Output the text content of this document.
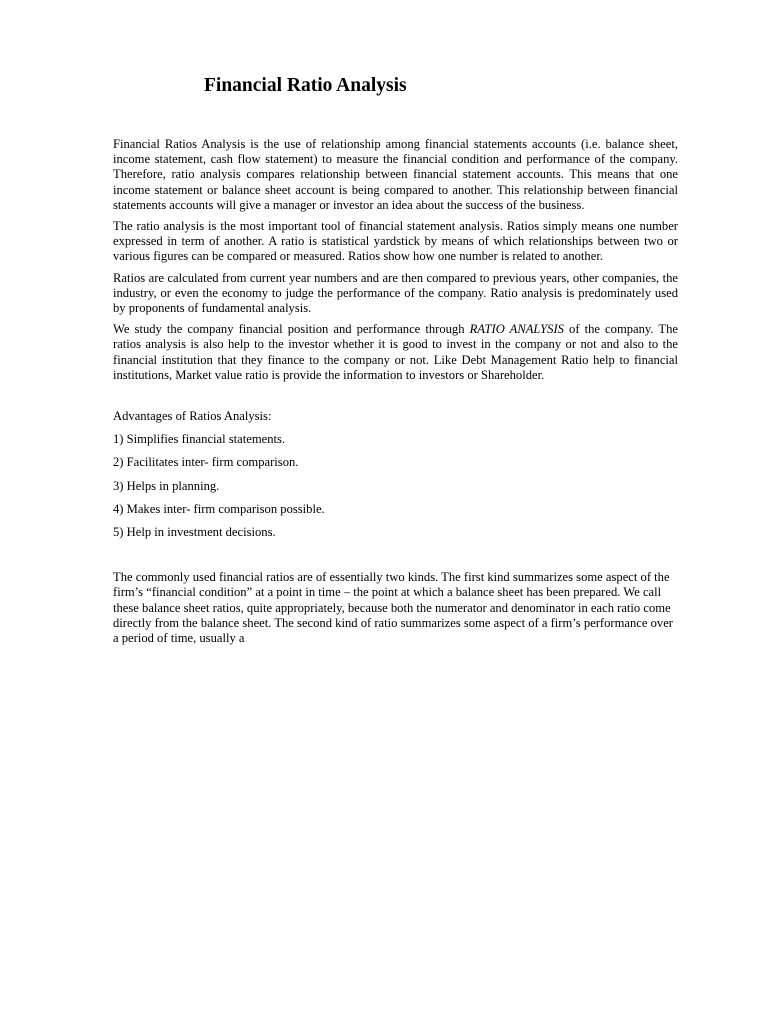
Financial Ratio Analysis

Financial Ratios Analysis is the use of relationship among financial statements accounts (i.e. balance sheet, income statement, cash flow statement) to measure the financial condition and performance of the company. Therefore, ratio analysis compares relationship between financial statement accounts. This means that one income statement or balance sheet account is being compared to another. This relationship between financial statements accounts will give a manager or investor an idea about the success of the business.

The ratio analysis is the most important tool of financial statement analysis. Ratios simply means one number expressed in term of another. A ratio is statistical yardstick by means of which relationships between two or various figures can be compared or measured. Ratios show how one number is related to another.

Ratios are calculated from current year numbers and are then compared to previous years, other companies, the industry, or even the economy to judge the performance of the company. Ratio analysis is predominately used by proponents of fundamental analysis.

We study the company financial position and performance through RATIO ANALYSIS of the company. The ratios analysis is also help to the investor whether it is good to invest in the company or not and also to the financial institution that they finance to the company or not. Like Debt Management Ratio help to financial institutions, Market value ratio is provide the information to investors or Shareholder.

Advantages of Ratios Analysis:

1) Simplifies financial statements.
2) Facilitates inter- firm comparison.
3) Helps in planning.
4) Makes inter- firm comparison possible.
5) Help in investment decisions.

The commonly used financial ratios are of essentially two kinds. The first kind summarizes some aspect of the firm’s “financial condition” at a point in time – the point at which a balance sheet has been prepared. We call these balance sheet ratios, quite appropriately, because both the numerator and denominator in each ratio come directly from the balance sheet. The second kind of ratio summarizes some aspect of a firm’s performance over a period of time, usually a
